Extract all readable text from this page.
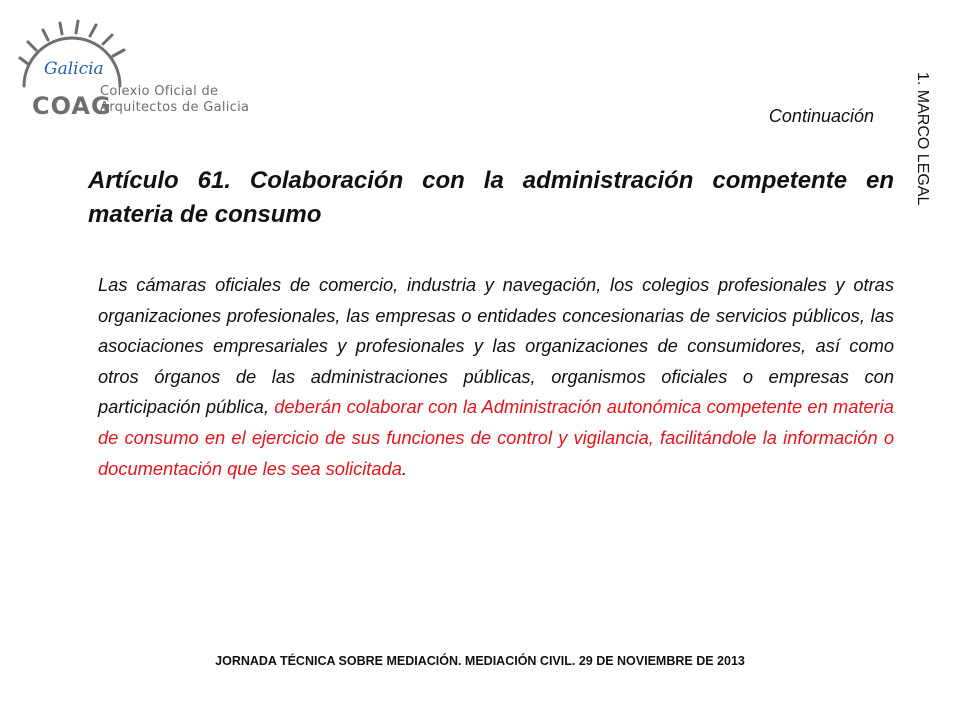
Galicia
COAG
Colexio Oficial de
Arquitectos de Galicia	Continuación	1. MARCO LEGAL
Artículo 61. Colaboración con la administración competente en materia de consumo

Las cámaras oficiales de comercio, industria y navegación, los colegios profesionales y otras organizaciones profesionales, las empresas o entidades concesionarias de servicios públicos, las asociaciones empresariales y profesionales y las organizaciones de consumidores, así como otros órganos de las administraciones públicas, organismos oficiales o empresas con participación pública, deberán colaborar con la Administración autonómica competente en materia de consumo en el ejercicio de sus funciones de control y vigilancia, facilitándole la información o documentación que les sea solicitada.

JORNADA TÉCNICA SOBRE MEDIACIÓN. MEDIACIÓN CIVIL. 29 DE NOVIEMBRE DE 2013
